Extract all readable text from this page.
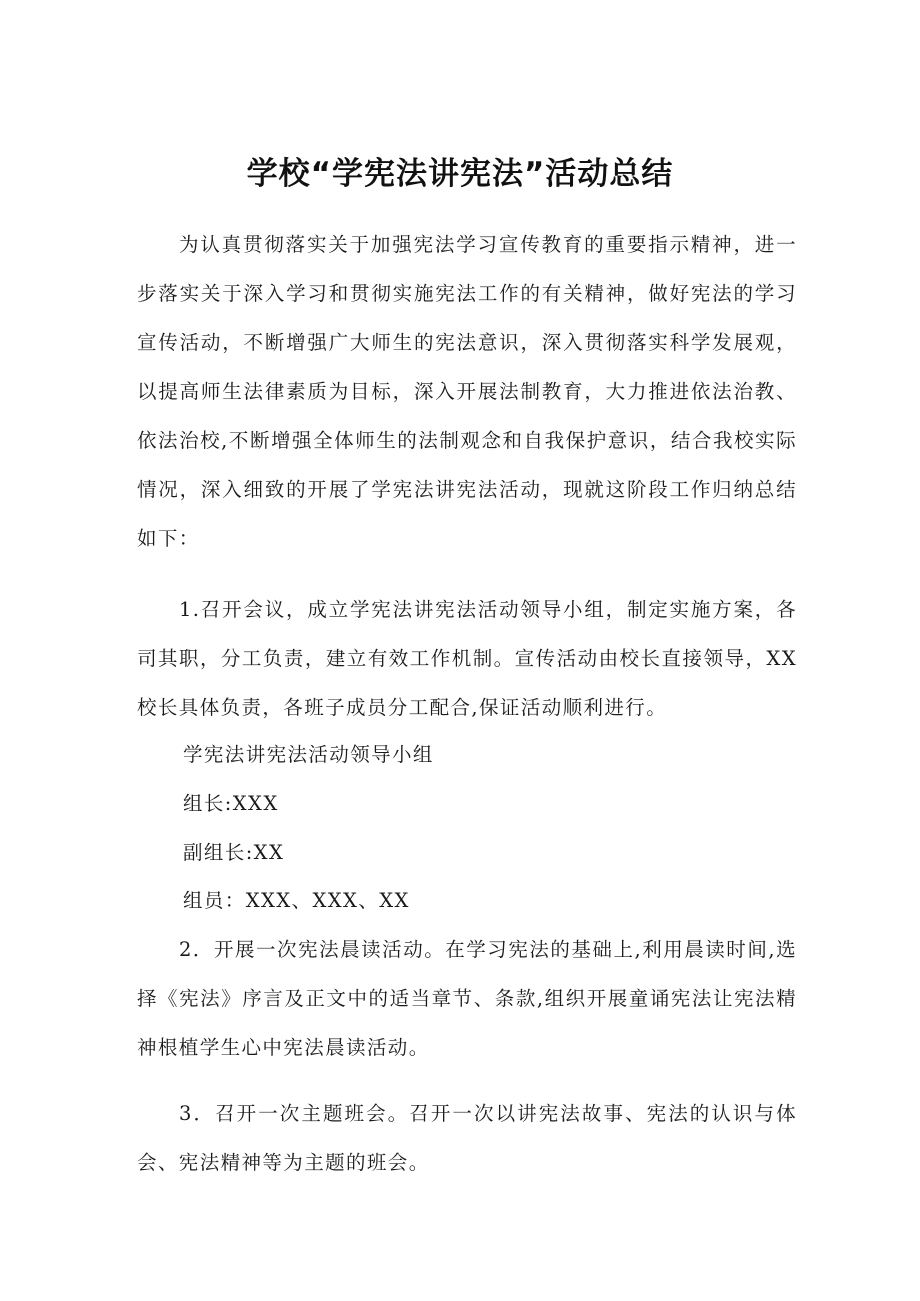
学校“学宪法讲宪法”活动总结

为认真贯彻落实关于加强宪法学习宣传教育的重要指示精神，进一步落实关于深入学习和贯彻实施宪法工作的有关精神，做好宪法的学习宣传活动，不断增强广大师生的宪法意识，深入贯彻落实科学发展观，以提高师生法律素质为目标，深入开展法制教育，大力推进依法治教、依法治校,不断增强全体师生的法制观念和自我保护意识，结合我校实际情况，深入细致的开展了学宪法讲宪法活动，现就这阶段工作归纳总结如下：

1.召开会议，成立学宪法讲宪法活动领导小组，制定实施方案，各司其职，分工负责，建立有效工作机制。宣传活动由校长直接领导，XX校长具体负责，各班子成员分工配合,保证活动顺利进行。

学宪法讲宪法活动领导小组

组长:XXX

副组长:XX

组员：XXX、XXX、XX

2．开展一次宪法晨读活动。在学习宪法的基础上,利用晨读时间,选择《宪法》序言及正文中的适当章节、条款,组织开展童诵宪法让宪法精神根植学生心中宪法晨读活动。

3．召开一次主题班会。召开一次以讲宪法故事、宪法的认识与体会、宪法精神等为主题的班会。
